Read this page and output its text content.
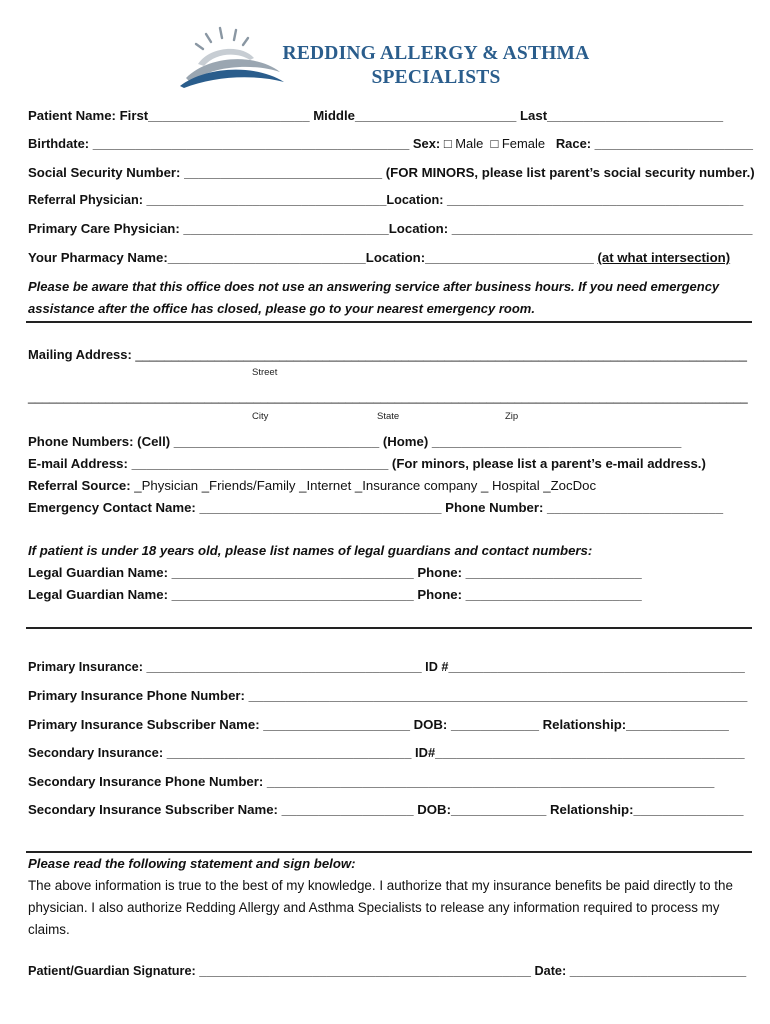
REDDING ALLERGY & ASTHMA
SPECIALISTS
Patient Name: First______________________ Middle______________________ Last________________________
Birthdate: ____________________________________________ Sex: □ Male □ Female Race: ______________________
Social Security Number: ___________________________ (FOR MINORS, please list parent’s social security number.)
Referral Physician: __________________________________Location: __________________________________________
Primary Care Physician: ____________________________Location: _________________________________________
Your Pharmacy Name:___________________________Location:_______________________ (at what intersection)
Please be aware that this office does not use an answering service after business hours. If you need emergency assistance after the office has closed, please go to your nearest emergency room.
Mailing Address: _____________________________________________________________________________________
Street
______________________________________________________________________________________________________
City	State	Zip
Phone Numbers: (Cell) ____________________________ (Home) __________________________________
E-mail Address: ___________________________________ (For minors, please list a parent’s e-mail address.)
Referral Source: _Physician _Friends/Family _Internet _Insurance company _ Hospital _ZocDoc
Emergency Contact Name: _________________________________ Phone Number: ________________________
If patient is under 18 years old, please list names of legal guardians and contact numbers:
Legal Guardian Name: _________________________________ Phone: ________________________
Legal Guardian Name: _________________________________ Phone: ________________________
Primary Insurance: _______________________________________ ID #__________________________________________
Primary Insurance Phone Number: ____________________________________________________________________
Primary Insurance Subscriber Name: ____________________ DOB: ____________ Relationship:______________
Secondary Insurance: __________________________________ ID#___________________________________________
Secondary Insurance Phone Number: _____________________________________________________________
Secondary Insurance Subscriber Name: __________________ DOB:_____________ Relationship:_______________
Please read the following statement and sign below:
The above information is true to the best of my knowledge. I authorize that my insurance benefits be paid directly to the physician. I also authorize Redding Allergy and Asthma Specialists to release any information required to process my claims.
Patient/Guardian Signature: _______________________________________________ Date: _________________________
